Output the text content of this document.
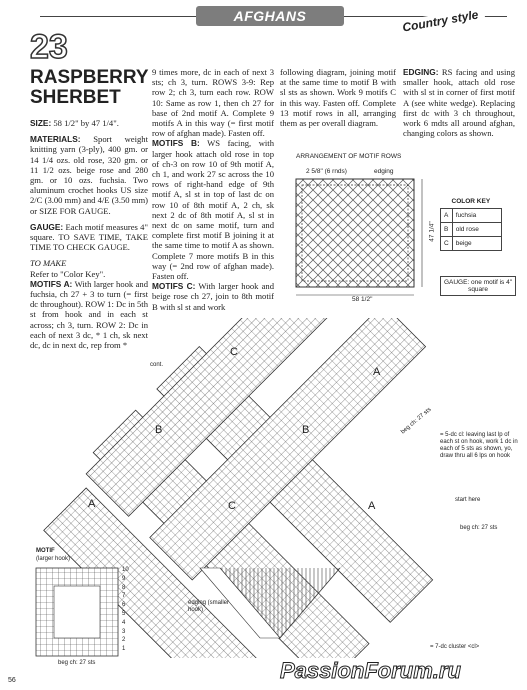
AFGHANS	Country style
23
RASPBERRY
SHERBET

SIZE: 58 1/2" by 47 1/4".

MATERIALS: Sport weight knitting yarn (3-ply), 400 gm. or 14 1/4 ozs. old rose, 320 gm. or 11 1/2 ozs. beige rose and 280 gm. or 10 ozs. fuchsia. Two aluminum crochet hooks US size 2/C (3.00 mm) and 4/E (3.50 mm) or SIZE FOR GAUGE.

GAUGE: Each motif measures 4" square. TO SAVE TIME, TAKE TIME TO CHECK GAUGE.

TO MAKE
Refer to "Color Key".
MOTIFS A: With larger hook and fuchsia, ch 27 + 3 to turn (= first dc throughout). ROW 1: Dc in 5th st from hook and in each st across; ch 3, turn. ROW 2: Dc in each of next 3 dc, * 1 ch, sk next dc, dc in next dc, rep from *
9 times more, dc in each of next 3 sts; ch 3, turn. ROWS 3-9: Rep row 2; ch 3, turn each row. ROW 10: Same as row 1, then ch 27 for base of 2nd motif A. Complete 9 motifs A in this way (= first motif row of afghan made). Fasten off.
MOTIFS B: WS facing, with larger hook attach old rose in top of ch-3 on row 10 of 9th motif A, ch 1, and work 27 sc across the 10 rows of right-hand edge of 9th motif A, sl st in top of last dc on row 10 of 8th motif A, 2 ch, sk next 2 dc of 8th motif A, sl st in next dc on same motif, turn and complete first motif B joining it at the same time to motif A as shown. Complete 7 more motifs B in this way (= 2nd row of afghan made). Fasten off.
MOTIFS C: With larger hook and beige rose ch 27, join to 8th motif B with sl st and work
following diagram, joining motif at the same time to motif B with sl sts as shown. Work 9 motifs C in this way. Fasten off. Complete 13 motif rows in all, arranging them as per overall diagram.
EDGING: RS facing and using smaller hook, attach old rose with sl st in corner of first motif A (see white wedge). Replacing first dc with 3 ch throughout, work 6 mdts all around afghan, changing colors as shown.
ARRANGEMENT OF MOTIF ROWS
2 5/8" (6 rnds)	edging
47 1/4"
58 1/2"
COLOR KEY	
A	fuchsia
B	old rose
C	beige
GAUGE: one motif is 4" square
A
C
B	B
C	A
A
cont.
beg ch: 27 sts = 5-dc cl: leaving last lp of each st on hook, work 1 dc in each of 5 sts as shown, yo, draw thru all 6 lps on hook
start here
beg ch: 27 sts
edging (smaller hook)
= 7-dc cluster <cl>
MOTIF
(larger hook)
10
9
8
7
6
5
4
3
2
1
beg ch: 27 sts
56	PassionForum.ru
